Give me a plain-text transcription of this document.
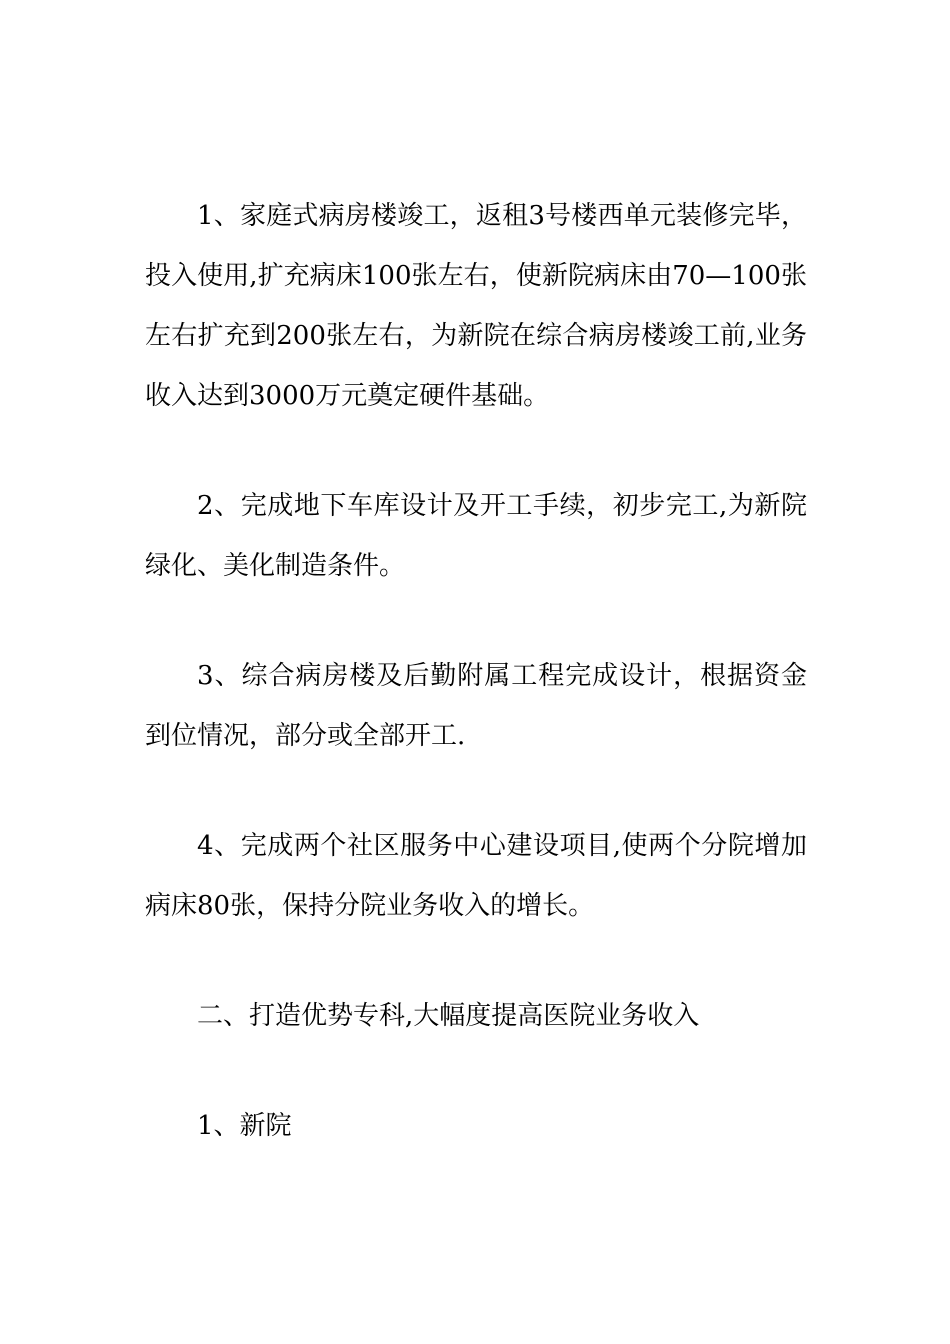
1、家庭式病房楼竣工，返租3号楼西单元装修完毕，投入使用,扩充病床100张左右，使新院病床由70—100张左右扩充到200张左右，为新院在综合病房楼竣工前,业务收入达到3000万元奠定硬件基础。

2、完成地下车库设计及开工手续，初步完工,为新院绿化、美化制造条件。

3、综合病房楼及后勤附属工程完成设计，根据资金到位情况，部分或全部开工.

4、完成两个社区服务中心建设项目,使两个分院增加病床80张，保持分院业务收入的增长。

二、打造优势专科,大幅度提高医院业务收入

1、新院
